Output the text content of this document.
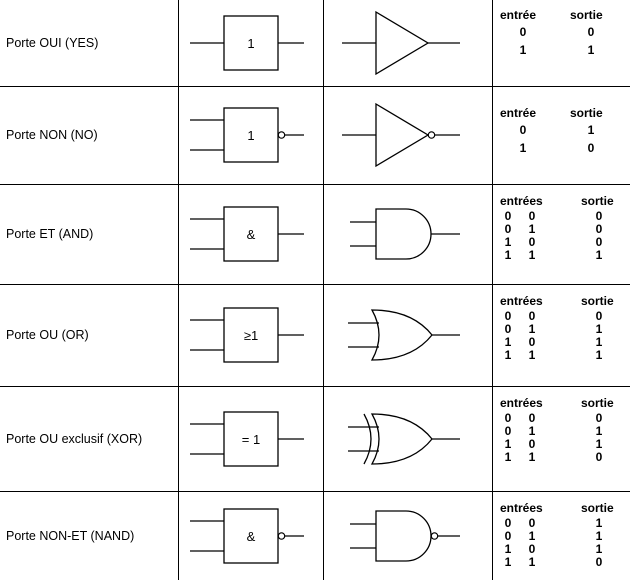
Porte OUI (YES)	1
entrée	sortie
0	0
1	1
Porte NON (NO)	1
entrée	sortie
0	1
1	0
Porte ET (AND)	&
entrées	sortie
0	0	0
0	1	0
1	0	0
1	1	1
Porte OU (OR)	≥1
entrées	sortie
0	0	0
0	1	1
1	0	1
1	1	1
Porte OU exclusif (XOR)	= 1
entrées	sortie
0	0	0
0	1	1
1	0	1
1	1	0
Porte NON-ET (NAND)	&
entrées	sortie
0	0	1
0	1	1
1	0	1
1	1	0
